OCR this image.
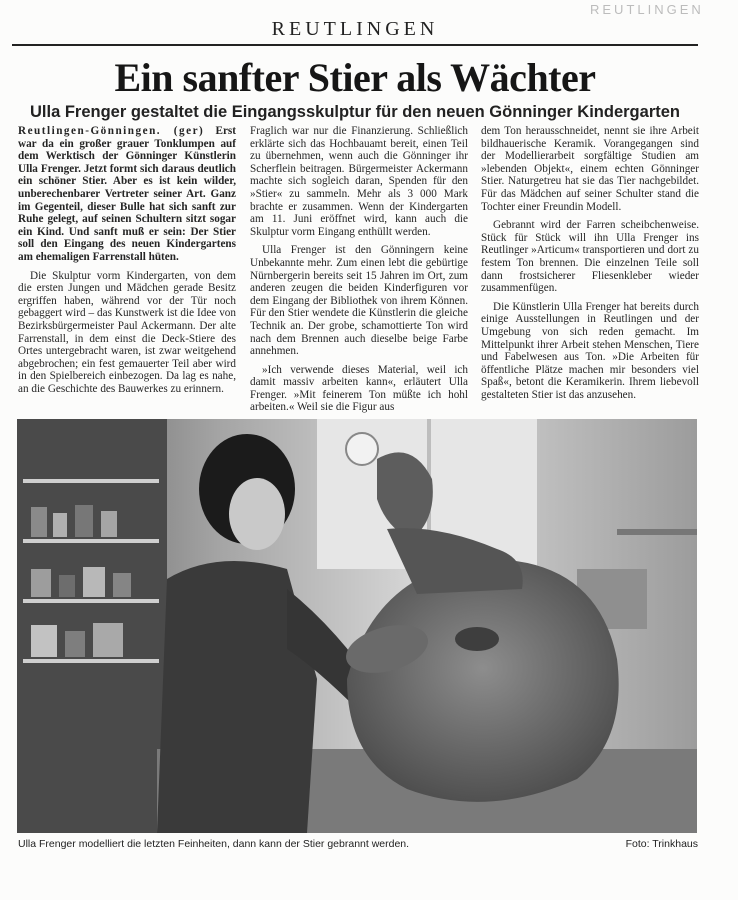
REUTLINGEN
REUTLINGEN
Ein sanfter Stier als Wächter
Ulla Frenger gestaltet die Eingangsskulptur für den neuen Gönninger Kindergarten

Reutlingen-Gönningen. (ger) Erst war da ein großer grauer Tonklumpen auf dem Werktisch der Gönninger Künstlerin Ulla Frenger. Jetzt formt sich daraus deutlich ein schöner Stier. Aber es ist kein wilder, unberechenbarer Vertreter seiner Art. Ganz im Gegenteil, dieser Bulle hat sich sanft zur Ruhe gelegt, auf seinen Schultern sitzt sogar ein Kind. Und sanft muß er sein: Der Stier soll den Eingang des neuen Kindergartens am ehemaligen Farrenstall hüten.

Die Skulptur vorm Kindergarten, von dem die ersten Jungen und Mädchen gerade Besitz ergriffen haben, während vor der Tür noch gebaggert wird – das Kunstwerk ist die Idee von Bezirksbürgermeister Paul Ackermann. Der alte Farrenstall, in dem einst die Deck-Stiere des Ortes untergebracht waren, ist zwar weitgehend abgebrochen; ein fest gemauerter Teil aber wird in den Spielbereich einbezogen. Da lag es nahe, an die Geschichte des Bauwerkes zu erinnern.

Fraglich war nur die Finanzierung. Schließlich erklärte sich das Hochbauamt bereit, einen Teil zu übernehmen, wenn auch die Gönninger ihr Scherflein beitragen. Bürgermeister Ackermann machte sich sogleich daran, Spenden für den »Stier« zu sammeln. Mehr als 3 000 Mark brachte er zusammen. Wenn der Kindergarten am 11. Juni eröffnet wird, kann auch die Skulptur vorm Eingang enthüllt werden.

Ulla Frenger ist den Gönningern keine Unbekannte mehr. Zum einen lebt die gebürtige Nürnbergerin bereits seit 15 Jahren im Ort, zum anderen zeugen die beiden Kinderfiguren vor dem Eingang der Bibliothek von ihrem Können. Für den Stier wendete die Künstlerin die gleiche Technik an. Der grobe, schamottierte Ton wird nach dem Brennen auch dieselbe beige Farbe annehmen.

»Ich verwende dieses Material, weil ich damit massiv arbeiten kann«, erläutert Ulla Frenger. »Mit feinerem Ton müßte ich hohl arbeiten.« Weil sie die Figur aus

dem Ton herausschneidet, nennt sie ihre Arbeit bildhauerische Keramik. Vorangegangen sind der Modellierarbeit sorgfältige Studien am »lebenden Objekt«, einem echten Gönninger Stier. Naturgetreu hat sie das Tier nachgebildet. Für das Mädchen auf seiner Schulter stand die Tochter einer Freundin Modell.

Gebrannt wird der Farren scheibchenweise. Stück für Stück will ihn Ulla Frenger ins Reutlinger »Articum« transportieren und dort zu festem Ton brennen. Die einzelnen Teile soll dann frostsicherer Fliesenkleber wieder zusammenfügen.

Die Künstlerin Ulla Frenger hat bereits durch einige Ausstellungen in Reutlingen und der Umgebung von sich reden gemacht. Im Mittelpunkt ihrer Arbeit stehen Menschen, Tiere und Fabelwesen aus Ton. »Die Arbeiten für öffentliche Plätze machen mir besonders viel Spaß«, betont die Keramikerin. Ihrem liebevoll gestalteten Stier ist das anzusehen.

Ulla Frenger modelliert die letzten Feinheiten, dann kann der Stier gebrannt werden.	Foto: Trinkhaus
